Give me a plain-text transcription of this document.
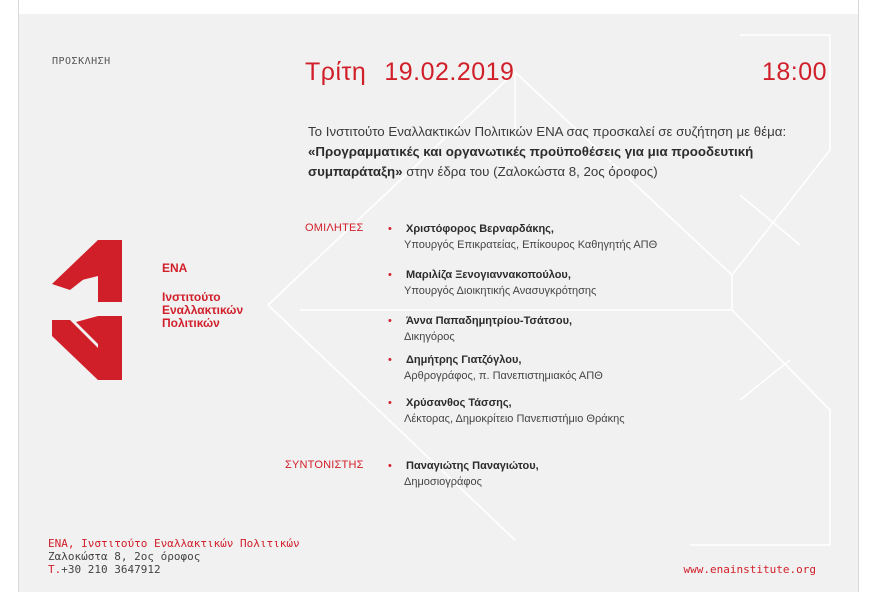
ΠΡΟΣΚΛΗΣΗ	Τρίτη 19.02.2019	18:00
Το Ινστιτούτο Εναλλακτικών Πολιτικών ΕΝΑ σας προσκαλεί σε συζήτηση με θέμα: «Προγραμματικές και οργανωτικές προϋποθέσεις για μια προοδευτική συμπαράταξη» στην έδρα του (Ζαλοκώστα 8, 2ος όροφος)
ΟΜΙΛΗΤΕΣ • Χριστόφορος Βερναρδάκης,
Υπουργός Επικρατείας, Επίκουρος Καθηγητής ΑΠΘ
• Μαριλίζα Ξενογιαννακοπούλου,
Υπουργός Διοικητικής Ανασυγκρότησης
• Άννα Παπαδημητρίου-Τσάτσου,
Δικηγόρος
• Δημήτρης Γιατζόγλου,
Αρθρογράφος, π. Πανεπιστημιακός ΑΠΘ
• Χρύσανθος Τάσσης,
Λέκτορας, Δημοκρίτειο Πανεπιστήμιο Θράκης
ΣΥΝΤΟΝΙΣΤΗΣ • Παναγιώτης Παναγιώτου,
Δημοσιογράφος
ΕΝΑ
Ινστιτούτο
Εναλλακτικών
Πολιτικών
ΕΝΑ, Ινστιτούτο Εναλλακτικών Πολιτικών
Ζαλοκώστα 8, 2ος όροφος
Τ.+30 210 3647912	www.enainstitute.org
